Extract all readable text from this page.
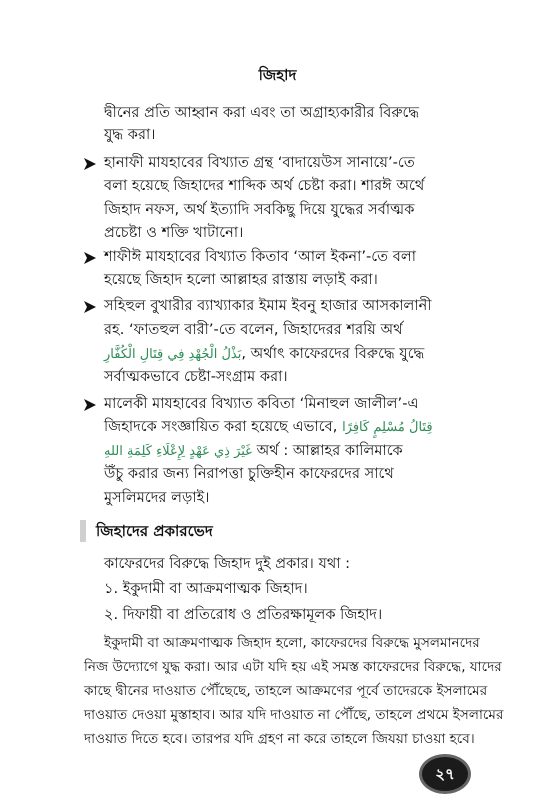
জিহাদ
দ্বীনের প্রতি আহ্বান করা এবং তা অগ্রাহ্যকারীর বিরুদ্ধে
যুদ্ধ করা।
হানাফী মাযহাবের বিখ্যাত গ্রন্থ ‘বাদায়েউস সানায়ে’-তে
বলা হয়েছে জিহাদের শাব্দিক অর্থ চেষ্টা করা। শারঈ অর্থে
জিহাদ নফস, অর্থ ইত্যাদি সবকিছু দিয়ে যুদ্ধের সর্বাত্মক
প্রচেষ্টা ও শক্তি খাটানো।
শাফীঈ মাযহাবের বিখ্যাত কিতাব ‘আল ইকনা’-তে বলা
হয়েছে জিহাদ হলো আল্লাহর রাস্তায় লড়াই করা।
সহিহুল বুখারীর ব্যাখ্যাকার ইমাম ইবনু হাজার আসকালানী
রহ. ‘ফাতহুল বারী’-তে বলেন, জিহাদেরর শরয়ি অর্থ
بَذْلُ الْجُهْدِ فِي قِتَالِ الْكُفَّارِ, অর্থাৎ কাফেরদের বিরুদ্ধে যুদ্ধে
সর্বাত্মকভাবে চেষ্টা-সংগ্রাম করা।
মালেকী মাযহাবের বিখ্যাত কবিতা ‘মিনাহুল জালীল’-এ
জিহাদকে সংজ্ঞায়িত করা হয়েছে এভাবে, قِتَالُ مُسْلِمٍ كَافِرًا
غَيْرَ ذِي عَهْدٍ لِإِعْلَاءِ كَلِمَةِ اللهِ অর্থ : আল্লাহর কালিমাকে
উঁচু করার জন্য নিরাপত্তা চুক্তিহীন কাফেরদের সাথে
মুসলিমদের লড়াই।
জিহাদের প্রকারভেদ
কাফেরদের বিরুদ্ধে জিহাদ দুই প্রকার। যথা :
১. ইকুদামী বা আক্রমণাত্মক জিহাদ।
২. দিফায়ী বা প্রতিরোধ ও প্রতিরক্ষামূলক জিহাদ।
ইকুদামী বা আক্রমণাত্মক জিহাদ হলো, কাফেরদের বিরুদ্ধে মুসলমানদের
নিজ উদ্যোগে যুদ্ধ করা। আর এটা যদি হয় এই সমস্ত কাফেরদের বিরুদ্ধে, যাদের
কাছে দ্বীনের দাওয়াত পৌঁছেছে, তাহলে আক্রমণের পূর্বে তাদেরকে ইসলামের
দাওয়াত দেওয়া মুস্তাহাব। আর যদি দাওয়াত না পৌঁছে, তাহলে প্রথমে ইসলামের
দাওয়াত দিতে হবে। তারপর যদি গ্রহণ না করে তাহলে জিযয়া চাওয়া হবে।
২৭
